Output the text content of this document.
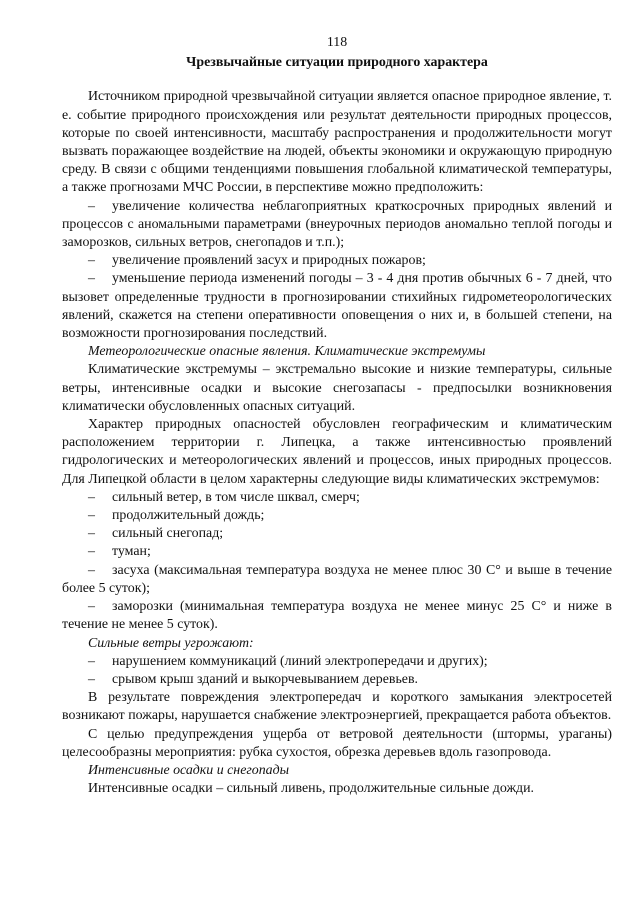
118
Чрезвычайные ситуации природного характера
Источником природной чрезвычайной ситуации является опасное природное явление, т. е. событие природного происхождения или результат деятельности природных процессов, которые по своей интенсивности, масштабу распространения и продолжительности могут вызвать поражающее воздействие на людей, объекты экономики и окружающую природную среду. В связи с общими тенденциями повышения глобальной климатической температуры, а также прогнозами МЧС России, в перспективе можно предположить:
– увеличение количества неблагоприятных краткосрочных природных явлений и процессов с аномальными параметрами (внеурочных периодов аномально теплой погоды и заморозков, сильных ветров, снегопадов и т.п.);
– увеличение проявлений засух и природных пожаров;
– уменьшение периода изменений погоды – 3 - 4 дня против обычных 6 - 7 дней, что вызовет определенные трудности в прогнозировании стихийных гидрометеорологических явлений, скажется на степени оперативности оповещения о них и, в большей степени, на возможности прогнозирования последствий.
Метеорологические опасные явления. Климатические экстремумы
Климатические экстремумы – экстремально высокие и низкие температуры, сильные ветры, интенсивные осадки и высокие снегозапасы - предпосылки возникновения климатически обусловленных опасных ситуаций.
Характер природных опасностей обусловлен географическим и климатическим расположением территории г. Липецка, а также интенсивностью проявлений гидрологических и метеорологических явлений и процессов, иных природных процессов. Для Липецкой области в целом характерны следующие виды климатических экстремумов:
– сильный ветер, в том числе шквал, смерч;
– продолжительный дождь;
– сильный снегопад;
– туман;
– засуха (максимальная температура воздуха не менее плюс 30 С° и выше в течение более 5 суток);
– заморозки (минимальная температура воздуха не менее минус 25 С° и ниже в течение не менее 5 суток).
Сильные ветры угрожают:
– нарушением коммуникаций (линий электропередачи и других);
– срывом крыш зданий и выкорчевыванием деревьев.
В результате повреждения электропередач и короткого замыкания электросетей возникают пожары, нарушается снабжение электроэнергией, прекращается работа объектов.
С целью предупреждения ущерба от ветровой деятельности (штормы, ураганы) целесообразны мероприятия: рубка сухостоя, обрезка деревьев вдоль газопровода.
Интенсивные осадки и снегопады
Интенсивные осадки – сильный ливень, продолжительные сильные дожди.
